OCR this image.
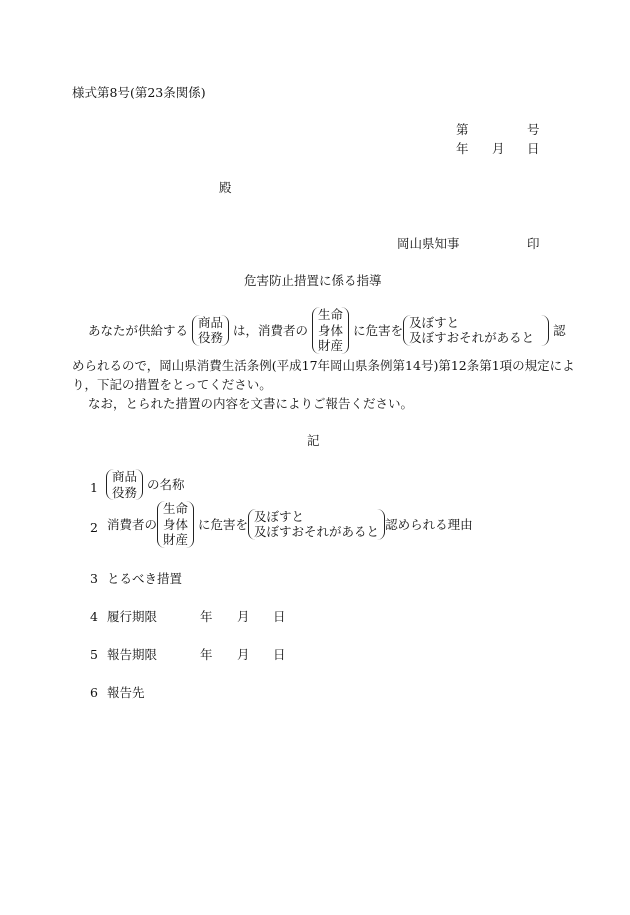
様式第8号(第23条関係)
第	号
年 月 日
殿
岡山県知事	印
危害防止措置に係る指導
あなたが供給する
商品
役務 は，消費者の
生命
身体
財産
に危害を
及ぼすと
及ぼすおそれがあると 認
められるので，岡山県消費生活条例(平成17年岡山県条例第14号)第12条第1項の規定によ
り，下記の措置をとってください。
なお，とられた措置の内容を文書によりご報告ください。
記
1
商品
役務 の名称
2 消費者の
生命
身体
財産
に危害を
及ぼすと
及ぼすおそれがあると 認められる理由
3 とるべき措置
4 履行期限	年 月 日
5 報告期限	年 月 日
6 報告先
